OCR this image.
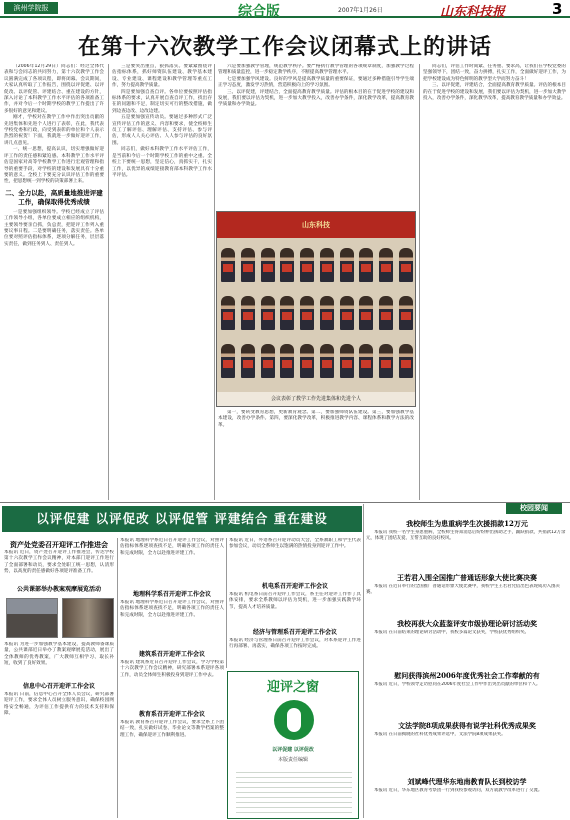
滨州学院报	综合版	2007年1月26日	山东科技报	3
在第十六次教学工作会议闭幕式上的讲话

（2006年12月29日）同志们：经过全体代表和与会同志的共同努力，第十六次教学工作会议圆满完成了各项议程，即将闭幕。会议期间，大家认真听取了工作报告，围绕以评促建、以评促改、以评促管、评建结合、重在建设的方针，深入讨论了本科教学工作水平评估的各项准备工作，并对今后一个时期学校的教学工作提出了许多很好的意见和建议。

刚才，学校对在教学工作中作出突出贡献的先进集体和先进个人进行了表彰，在此，我代表学校党委和行政，向受到表彰的单位和个人表示热烈的祝贺！下面，我就进一步做好迎评工作，讲几点意见。

一、统一思想，提高认识，切实增强做好迎评工作的责任感和紧迫感。本科教学工作水平评估是国家对高等学校教学工作进行宏观管理和指导的重要手段，对学校的建设和发展具有十分重要的意义。全校上下要充分认识评估工作的重要性，把思想统一到学校的决策部署上来。

二、全力以赴，高质量地推进评建工作，确保取得优秀成绩

一是要加强组织领导。学校已经成立了评估工作领导小组，各单位要成立相应的组织机构，主要领导要亲自抓，负总责，把迎评工作列入重要议事日程。二是要明确任务，落实责任。各单位要对照评估指标体系，逐项分解任务，层层落实责任，做到任务到人、责任到人。

三是要突出重点，狠抓落实。要紧紧围绕评估指标体系，抓好师资队伍建设、教学基本建设、专业建设、课程建设和教学管理等重点工作，努力提高教学质量。

四是要加强自查自评。各单位要按照评估指标体系的要求，认真开展自查自评工作，找出存在的问题和不足，制定切实可行的整改措施，做到边查边改、边改边建。

五是要加强宣传动员。要通过多种形式广泛宣传评估工作的意义、内容和要求，使全校师生员工了解评估、理解评估、支持评估、参与评估，形成人人关心评估、人人参与评估的良好氛围。

同志们，做好本科教学工作水平评估工作，是当前和今后一个时期学校工作的重中之重。全校上下要统一思想，坚定信心，真抓实干，扎实工作，以优异的成绩迎接教育部本科教学工作水平评估。

六是要加强教学管理，规范教学秩序。要严格执行教学管理的各项规章制度，加强教学过程管理和质量监控，进一步稳定教学秩序，不断提高教学管理水平。

七是要加强学风建设。良好的学风是提高教学质量的重要保证，要通过多种措施引导学生端正学习态度，激发学习热情，营造积极向上的学习氛围。

三、以评促建，评建结合，全面提高教育教学质量。评估的根本目的在于促进学校的建设和发展，我们要以评估为契机，进一步加大教学投入，改善办学条件，深化教学改革，提高教育教学质量和办学效益。

山东科技
会议表彰了教学工作先进集体和先进个人

第一，要转变教育思想，更新教育观念。第二，要加强师资队伍建设。第三，要加强教学基本建设，改善办学条件。第四，要深化教学改革，积极推进教学内容、课程体系和教学方法的改革。

同志们，评估工作时间紧、任务重、要求高，让我们在学校党委的坚强领导下，团结一致，奋力拼搏，扎实工作，全面做好迎评工作，为把学校建设成为特色鲜明的教学型大学而努力奋斗！

三、以评促建，评建结合，全面提高教育教学质量。评估的根本目的在于促进学校的建设和发展，我们要以评估为契机，进一步加大教学投入，改善办学条件，深化教学改革，提高教育教学质量和办学效益。

以评促建 以评促改 以评促管 评建结合 重在建设
资产处党委召开迎评工作推进会
本报讯 近日，资产处召开迎评工作推进会，传达学校第十六次教学工作会议精神，对本部门迎评工作进行了全面部署和动员，要求全处职工统一思想，认清形势，以高度的责任感做好各项迎评准备工作。
公共课部举办教案观摩展览活动
本报讯 为进一步加强教学基本建设，提高教师备课质量，公共课部近日举办了教案观摩展览活动，展出了全体教师的优秀教案，广大教师互相学习、取长补短，收到了良好效果。
信息中心召开迎评工作会议
本报讯 日前，信息中心召开全体人员会议，研究部署迎评工作，要求全体人员树立服务意识，确保校园网络安全畅通，为评估工作提供有力的技术支持和保障。
本报讯 地理科学系近日召开迎评工作会议，对照评估指标体系逐项查找不足，明确各项工作的责任人和完成时限，全力以赴推进评建工作。
地理科学系召开迎评工作会议
本报讯 地理科学系近日召开迎评工作会议，对照评估指标体系逐项查找不足，明确各项工作的责任人和完成时限，全力以赴推进评建工作。
建筑系召开迎评工作会议
本报讯 建筑系近日召开迎评工作会议，学习学校第十六次教学工作会议精神，研究部署本系迎评各项工作，动员全体师生积极投身到迎评工作中去。
教育系召开迎评工作会议
本报讯 教育系召开迎评工作会议，要求全系上下团结一致，扎实做好试卷、毕业论文等教学档案的整理工作，确保迎评工作顺利推进。
本报讯 近日，外语系召开迎评动员大会，全系教职工和学生代表参加会议，动员全系师生以饱满的热情投身到迎评工作中。
机电系召开迎评工作会议
本报讯 机电系日前召开迎评工作会议，系主任对迎评工作作了具体安排，要求全系教师以评估为契机，进一步加强实践教学环节，提高人才培养质量。
经济与管理系召开迎评工作会议
本报讯 经济与管理系日前召开迎评工作会议，对本系迎评工作进行再部署、再落实，确保各项工作按时完成。
迎评之窗
以评促建 以评促改
本版责任编辑
校园要闻
我校师生为患重病学生次援捐款12万元
本报讯 我校一名学生身患重病，全校师生得知消息后纷纷伸出援助之手，踊跃捐款，共捐款12万余元，体现了团结友爱、互帮互助的良好校风。
王若君入围全国推广普通话形象大使比赛决赛
本报讯 在近日举行的全国推广普通话形象大使比赛中，我校学生王若君凭借出色表现成功入围决赛。
我校再获大众蓝鉴评安市级协理论研讨活动奖
本报讯 在日前结束的理论研讨活动中，我校多篇论文获奖，学校获优秀组织奖。
慰问获得滨州2006年度优秀社会工作奉献的有
本报讯 近日，学校领导走访慰问在2006年度社会工作中作出突出贡献的单位和个人。
文法学院8项成果获得有说学社科优秀成果奖
本报讯 在日前揭晓的社科优秀成果评选中，文法学院8项成果获奖。
刘斌峰代理华东地南教育队长到校访学
本报讯 近日，华东地区教育考察团一行到我校参观访问，双方就教学改革进行了交流。
